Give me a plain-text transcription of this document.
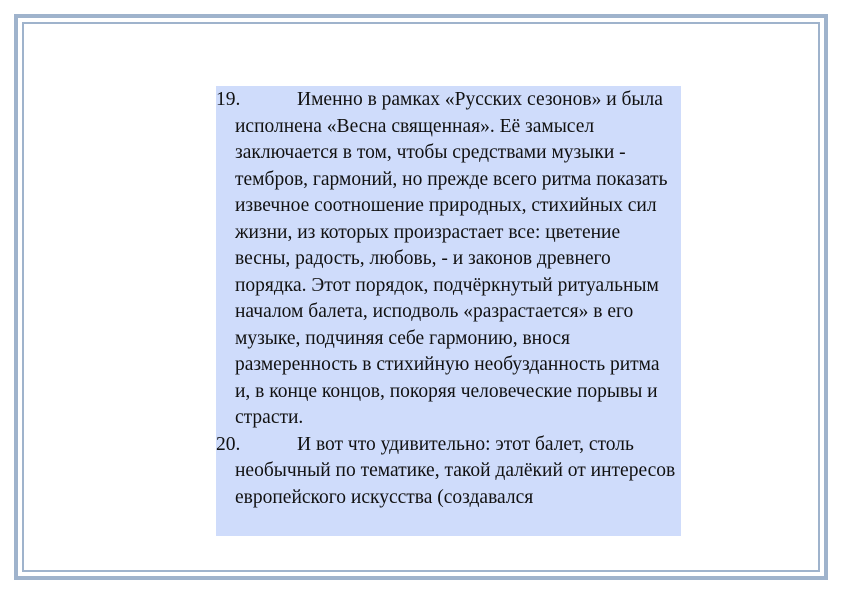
19.	Именно в рамках «Русских сезонов» и была исполнена «Весна священная». Её замысел заключается в том, чтобы средствами музыки - тембров, гармоний, но прежде всего ритма показать извечное соотношение природных, стихийных сил жизни, из которых произрастает все: цветение весны, радость, любовь, - и законов древнего порядка. Этот порядок, подчёркнутый ритуальным началом балета, исподволь «разрастается» в его музыке, подчиняя себе гармонию, внося размеренность в стихийную необузданность ритма и, в конце концов, покоряя человеческие порывы и страсти.
20.	И вот что удивительно: этот балет, столь необычный по тематике, такой далёкий от интересов европейского искусства (создавался
